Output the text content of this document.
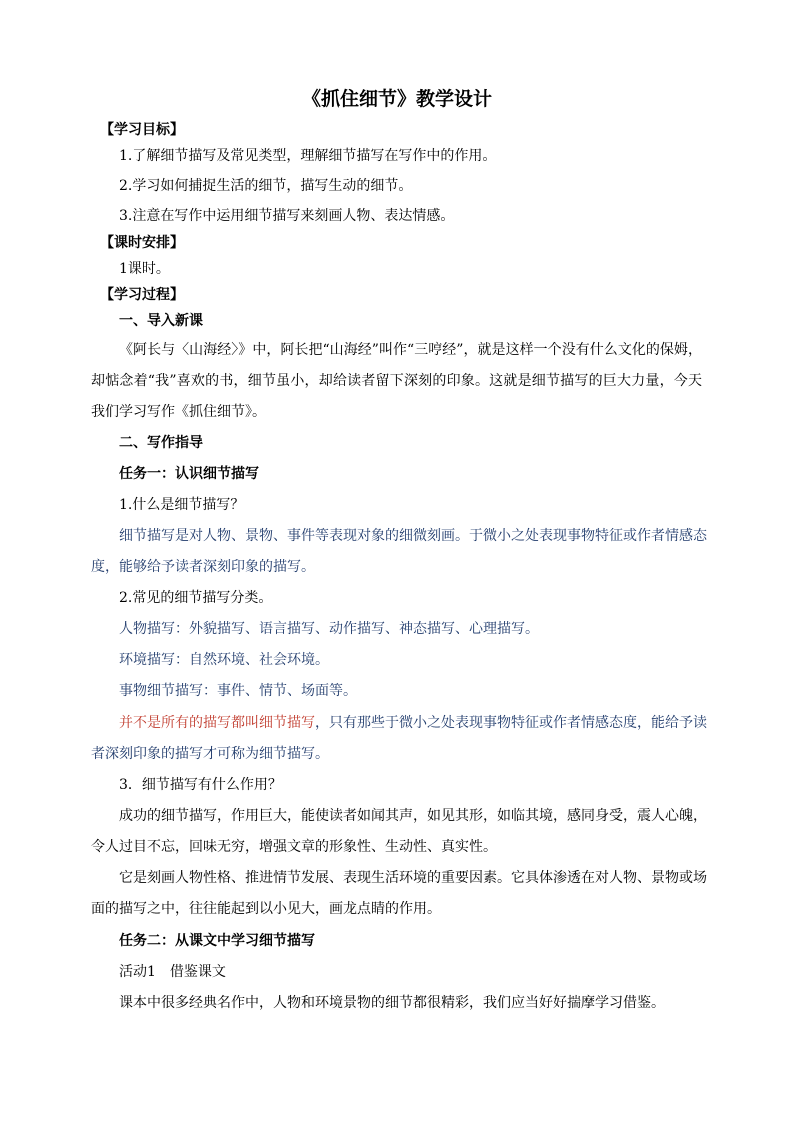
《抓住细节》教学设计
【学习目标】
1.了解细节描写及常见类型，理解细节描写在写作中的作用。
2.学习如何捕捉生活的细节，描写生动的细节。
3.注意在写作中运用细节描写来刻画人物、表达情感。
【课时安排】
1课时。
【学习过程】
一、导入新课
《阿长与〈山海经〉》中，阿长把“山海经”叫作“三哼经”，就是这样一个没有什么文化的保姆，
却惦念着“我”喜欢的书，细节虽小，却给读者留下深刻的印象。这就是细节描写的巨大力量，今天
我们学习写作《抓住细节》。
二、写作指导
任务一：认识细节描写
1.什么是细节描写？
细节描写是对人物、景物、事件等表现对象的细微刻画。于微小之处表现事物特征或作者情感态
度，能够给予读者深刻印象的描写。
2.常见的细节描写分类。
人物描写：外貌描写、语言描写、动作描写、神态描写、心理描写。
环境描写：自然环境、社会环境。
事物细节描写：事件、情节、场面等。
并不是所有的描写都叫细节描写，只有那些于微小之处表现事物特征或作者情感态度，能给予读
者深刻印象的描写才可称为细节描写。
3．细节描写有什么作用？
成功的细节描写，作用巨大，能使读者如闻其声，如见其形，如临其境，感同身受，震人心魄，
令人过目不忘，回味无穷，增强文章的形象性、生动性、真实性。
它是刻画人物性格、推进情节发展、表现生活环境的重要因素。它具体渗透在对人物、景物或场
面的描写之中，往往能起到以小见大，画龙点睛的作用。
任务二：从课文中学习细节描写
活动1　借鉴课文
课本中很多经典名作中，人物和环境景物的细节都很精彩，我们应当好好揣摩学习借鉴。
